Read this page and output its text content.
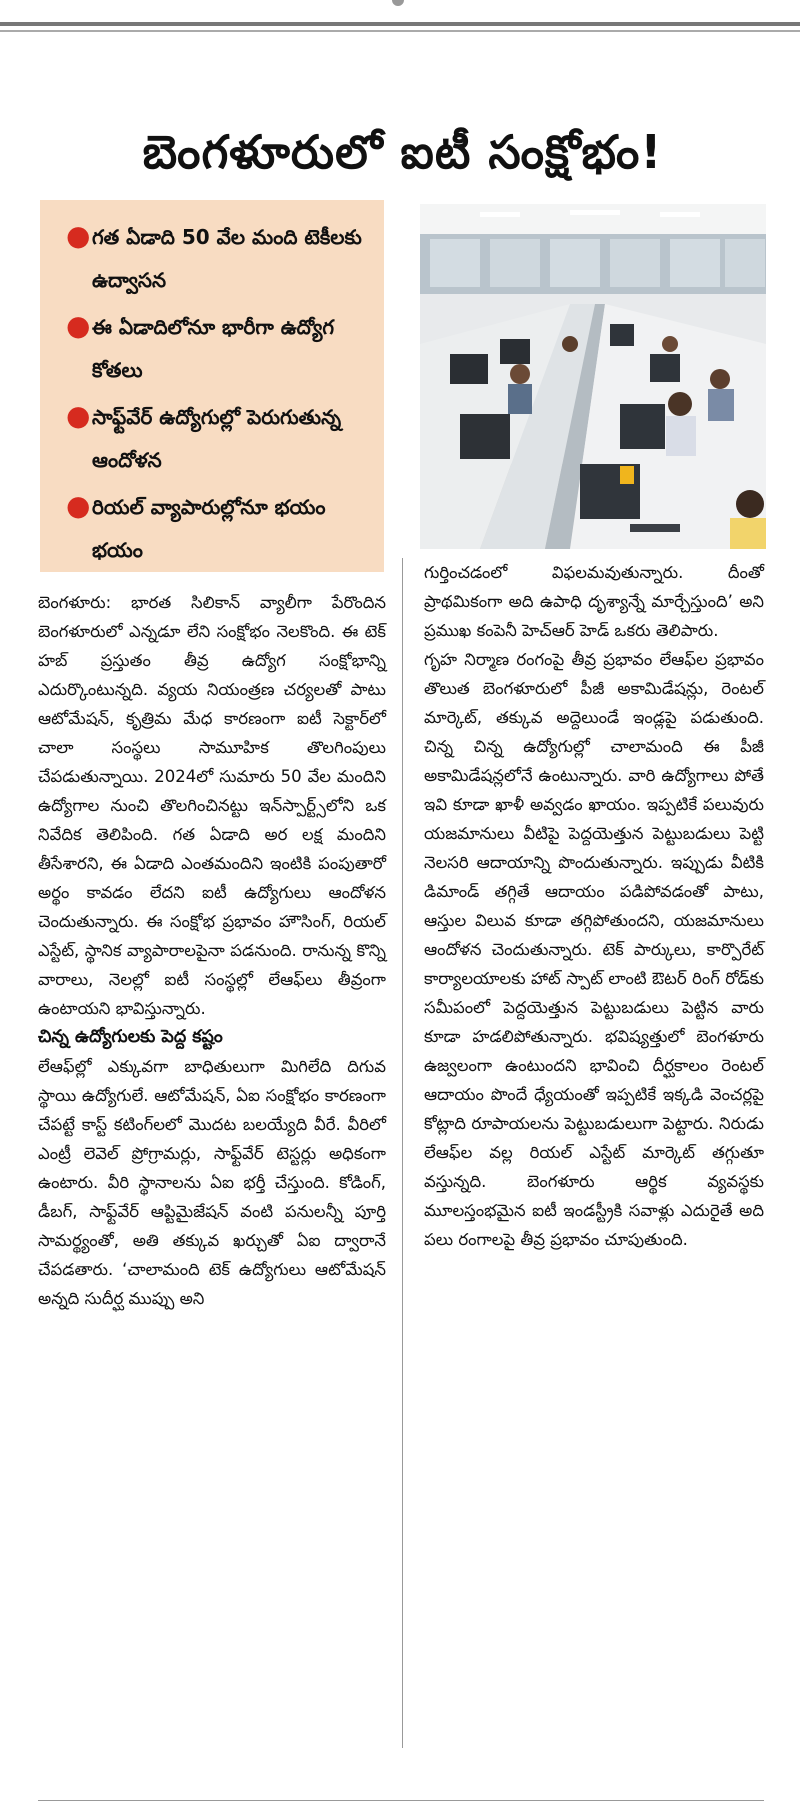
బెంగళూరులో ఐటీ సంక్షోభం!
● గత ఏడాది 50 వేల మంది టెకీలకు ఉద్వాసన
● ఈ ఏడాదిలోనూ భారీగా ఉద్యోగ కోతలు
● సాఫ్ట్‌వేర్ ఉద్యోగుల్లో పెరుగుతున్న ఆందోళన
● రియల్ వ్యాపారుల్లోనూ భయం భయం

బెంగళూరు: భారత సిలికాన్ వ్యాలీగా పేరొందిన బెంగళూరులో ఎన్నడూ లేని సంక్షోభం నెలకొంది. ఈ టెక్ హబ్ ప్రస్తుతం తీవ్ర ఉద్యోగ సంక్షోభాన్ని ఎదుర్కొంటున్నది. వ్యయ నియంత్రణ చర్యలతో పాటు ఆటోమేషన్, కృత్రిమ మేధ కారణంగా ఐటీ సెక్టార్‌లో చాలా సంస్థలు సామూహిక తొలగింపులు చేపడుతున్నాయి. 2024లో సుమారు 50 వేల మందిని ఉద్యోగాల నుంచి తొలగించినట్టు ఇన్‌స్పార్ట్స్‌లోని ఒక నివేదిక తెలిపింది. గత ఏడాది అర లక్ష మందిని తీసేశారని, ఈ ఏడాది ఎంతమందిని ఇంటికి పంపుతారో అర్థం కావడం లేదని ఐటీ ఉద్యోగులు ఆందోళన చెందుతున్నారు. ఈ సంక్షోభ ప్రభావం హౌసింగ్, రియల్ ఎస్టేట్, స్థానిక వ్యాపారాలపైనా పడనుంది. రానున్న కొన్ని వారాలు, నెలల్లో ఐటీ సంస్థల్లో లేఆఫ్‌లు తీవ్రంగా ఉంటాయని భావిస్తున్నారు.

చిన్న ఉద్యోగులకు పెద్ద కష్టం

లేఆఫ్‌ల్లో ఎక్కువగా బాధితులుగా మిగిలేది దిగువ స్థాయి ఉద్యోగులే. ఆటోమేషన్, ఏఐ సంక్షోభం కారణంగా చేపట్టే కాస్ట్ కటింగ్‌లలో మొదట బలయ్యేది వీరే. వీరిలో ఎంట్రీ లెవెల్ ప్రోగ్రామర్లు, సాఫ్ట్‌వేర్ టెస్టర్లు అధికంగా ఉంటారు. వీరి స్థానాలను ఏఐ భర్తీ చేస్తుంది. కోడింగ్, డీబగ్, సాఫ్ట్‌వేర్ ఆప్టిమైజేషన్ వంటి పనులన్నీ పూర్తి సామర్థ్యంతో, అతి తక్కువ ఖర్చుతో ఏఐ ద్వారానే చేపడతారు. ‘చాలామంది టెక్ ఉద్యోగులు ఆటోమేషన్ అన్నది సుదీర్ఘ ముప్పు అని

గుర్తించడంలో విఫలమవుతున్నారు. దీంతో ప్రాథమికంగా అది ఉపాధి దృశ్యాన్నే మార్చేస్తుంది’ అని ప్రముఖ కంపెనీ హెచ్‌ఆర్ హెడ్ ఒకరు తెలిపారు.

గృహ నిర్మాణ రంగంపై తీవ్ర ప్రభావం లేఆఫ్‌ల ప్రభావం తొలుత బెంగళూరులో పీజీ అకామిడేషన్లు, రెంటల్ మార్కెట్, తక్కువ అద్దెలుండే ఇండ్లపై పడుతుంది. చిన్న చిన్న ఉద్యోగుల్లో చాలామంది ఈ పీజీ అకామిడేషన్లలోనే ఉంటున్నారు. వారి ఉద్యోగాలు పోతే ఇవి కూడా ఖాళీ అవ్వడం ఖాయం. ఇప్పటికే పలువురు యజమానులు వీటిపై పెద్దయెత్తున పెట్టుబడులు పెట్టి నెలసరి ఆదాయాన్ని పొందుతున్నారు. ఇప్పుడు వీటికి డిమాండ్ తగ్గితే ఆదాయం పడిపోవడంతో పాటు, ఆస్తుల విలువ కూడా తగ్గిపోతుందని, యజమానులు ఆందోళన చెందుతున్నారు. టెక్ పార్కులు, కార్పొరేట్ కార్యాలయాలకు హాట్ స్పాట్ లాంటి ఔటర్ రింగ్ రోడ్‌కు సమీపంలో పెద్దయెత్తున పెట్టుబడులు పెట్టిన వారు కూడా హడలిపోతున్నారు. భవిష్యత్తులో బెంగళూరు ఉజ్వలంగా ఉంటుందని భావించి దీర్ఘకాలం రెంటల్ ఆదాయం పొందే ధ్యేయంతో ఇప్పటికే ఇక్కడి వెంచర్లపై కోట్లాది రూపాయలను పెట్టుబడులుగా పెట్టారు. నిరుడు లేఆఫ్‌ల వల్ల రియల్ ఎస్టేట్ మార్కెట్ తగ్గుతూ వస్తున్నది. బెంగళూరు ఆర్థిక వ్యవస్థకు మూలస్తంభమైన ఐటీ ఇండస్ట్రీకి సవాళ్లు ఎదురైతే అది పలు రంగాలపై తీవ్ర ప్రభావం చూపుతుంది.
